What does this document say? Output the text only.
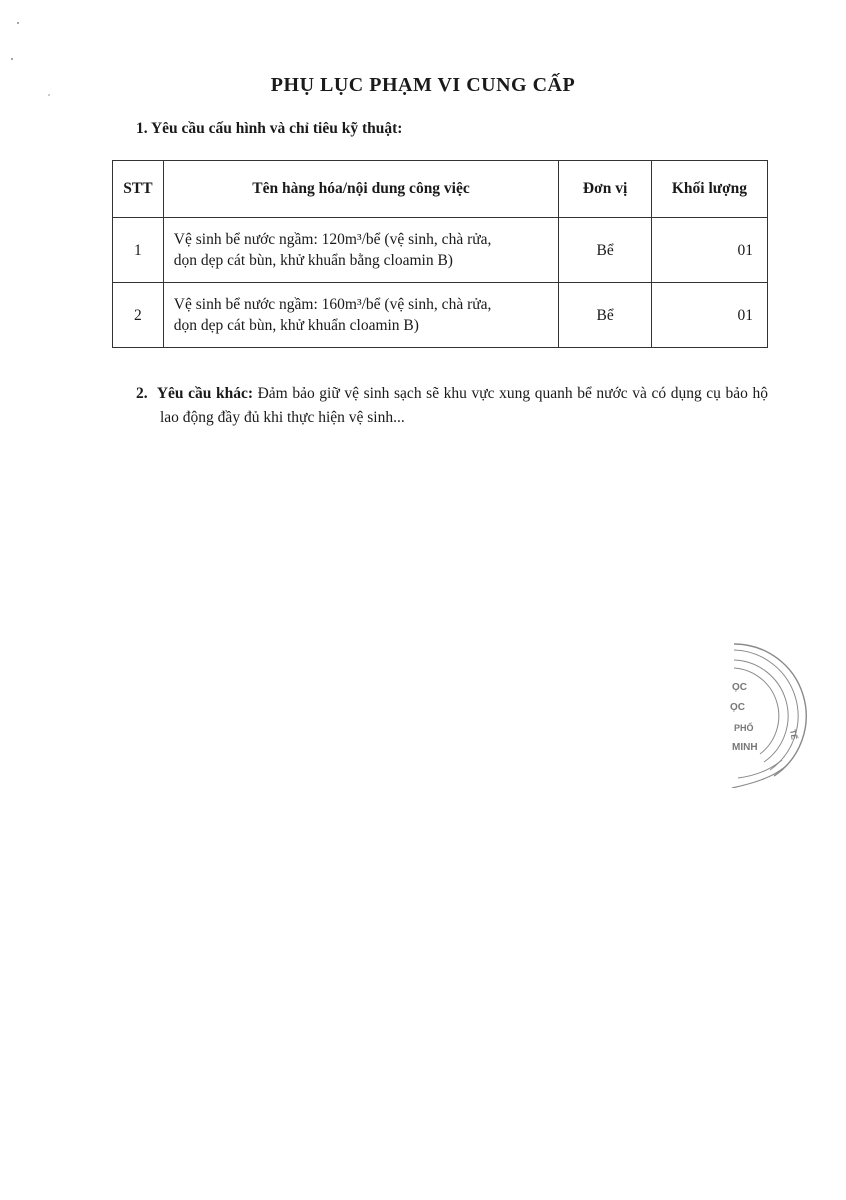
PHỤ LỤC PHẠM VI CUNG CẤP
1. Yêu cầu cấu hình và chỉ tiêu kỹ thuật:
STT	Tên hàng hóa/nội dung công việc	Đơn vị	Khối lượng
1	Vệ sinh bể nước ngầm: 120m³/bể (vệ sinh, chà rửa,
dọn dẹp cát bùn, khử khuẩn bằng cloamin B)	Bể	01
2	Vệ sinh bể nước ngầm: 160m³/bể (vệ sinh, chà rửa,
dọn dẹp cát bùn, khử khuẩn cloamin B)	Bể	01
2. Yêu cầu khác: Đảm bảo giữ vệ sinh sạch sẽ khu vực xung quanh bể nước và có dụng cụ bảo hộ lao động đầy đủ khi thực hiện vệ sinh...
ỌC
ỌC
PHỐ
MINH
TẾ
